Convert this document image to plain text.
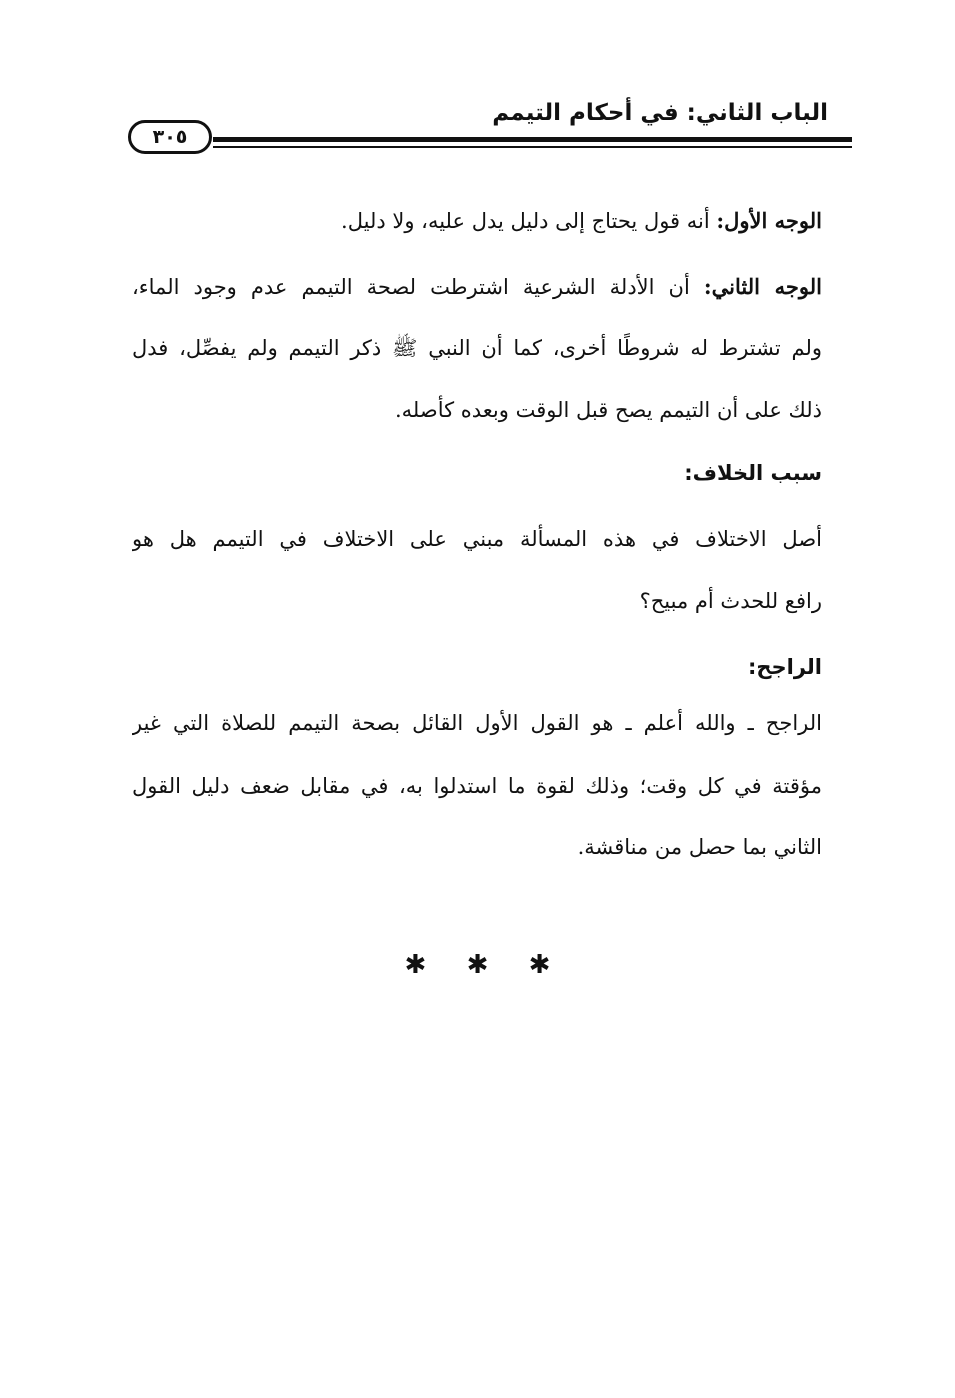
الباب الثاني: في أحكام التيمم
٣٠٥
الوجه الأول: أنه قول يحتاج إلى دليل يدل عليه، ولا دليل.
الوجه الثاني: أن الأدلة الشرعية اشترطت لصحة التيمم عدم وجود الماء،
ولم تشترط له شروطًا أخرى، كما أن النبي ﷺ ذكر التيمم ولم يفصِّل، فدل
ذلك على أن التيمم يصح قبل الوقت وبعده كأصله.
سبب الخلاف:
أصل الاختلاف في هذه المسألة مبني على الاختلاف في التيمم هل هو
رافع للحدث أم مبيح؟
الراجح:
الراجح ـ والله أعلم ـ هو القول الأول القائل بصحة التيمم للصلاة التي غير
مؤقتة في كل وقت؛ وذلك لقوة ما استدلوا به، في مقابل ضعف دليل القول
الثاني بما حصل من مناقشة.
✱ ✱ ✱
